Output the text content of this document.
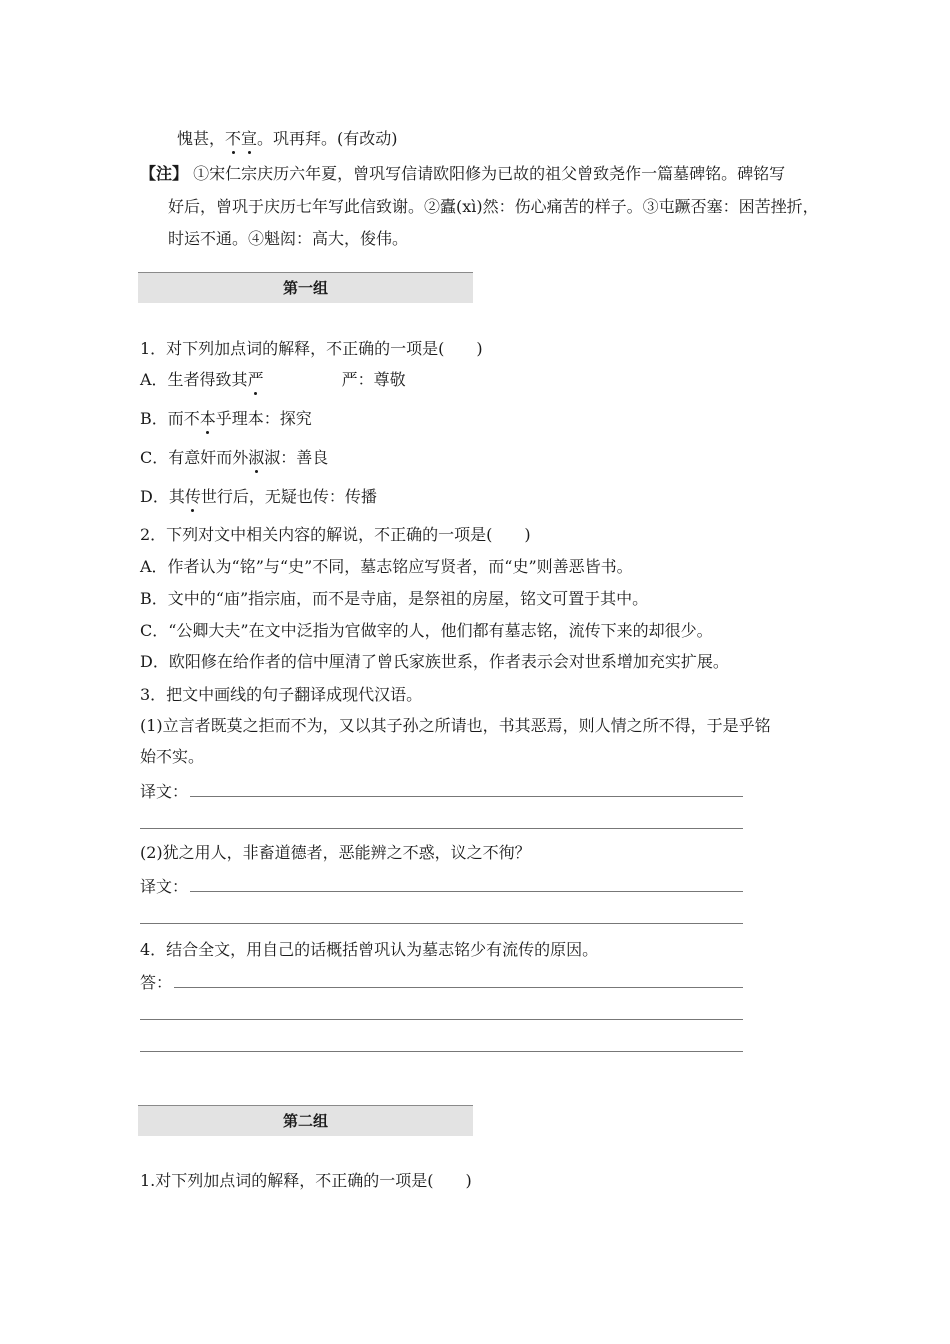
愧甚，不宣。巩再拜。(有改动)
【注】 ①宋仁宗庆历六年夏，曾巩写信请欧阳修为已故的祖父曾致尧作一篇墓碑铭。碑铭写
好后，曾巩于庆历七年写此信致谢。②蠹(xì)然：伤心痛苦的样子。③屯蹶否塞：困苦挫折，
时运不通。④魁闳：高大，俊伟。
第一组
1．对下列加点词的解释，不正确的一项是(　　)
A．生者得致其严	严：尊敬
B．而不本乎理本：探究
C．有意奸而外淑淑：善良
D．其传世行后，无疑也传：传播
2．下列对文中相关内容的解说，不正确的一项是(　　)
A．作者认为“铭”与“史”不同，墓志铭应写贤者，而“史”则善恶皆书。
B．文中的“庙”指宗庙，而不是寺庙，是祭祖的房屋，铭文可置于其中。
C．“公卿大夫”在文中泛指为官做宰的人，他们都有墓志铭，流传下来的却很少。
D．欧阳修在给作者的信中厘清了曾氏家族世系，作者表示会对世系增加充实扩展。
3．把文中画线的句子翻译成现代汉语。
(1)立言者既莫之拒而不为，又以其子孙之所请也，书其恶焉，则人情之所不得，于是乎铭
始不实。
译文：
(2)犹之用人，非畜道德者，恶能辨之不惑，议之不徇？
译文：
4．结合全文，用自己的话概括曾巩认为墓志铭少有流传的原因。
答：
第二组
1.对下列加点词的解释，不正确的一项是(　　)
